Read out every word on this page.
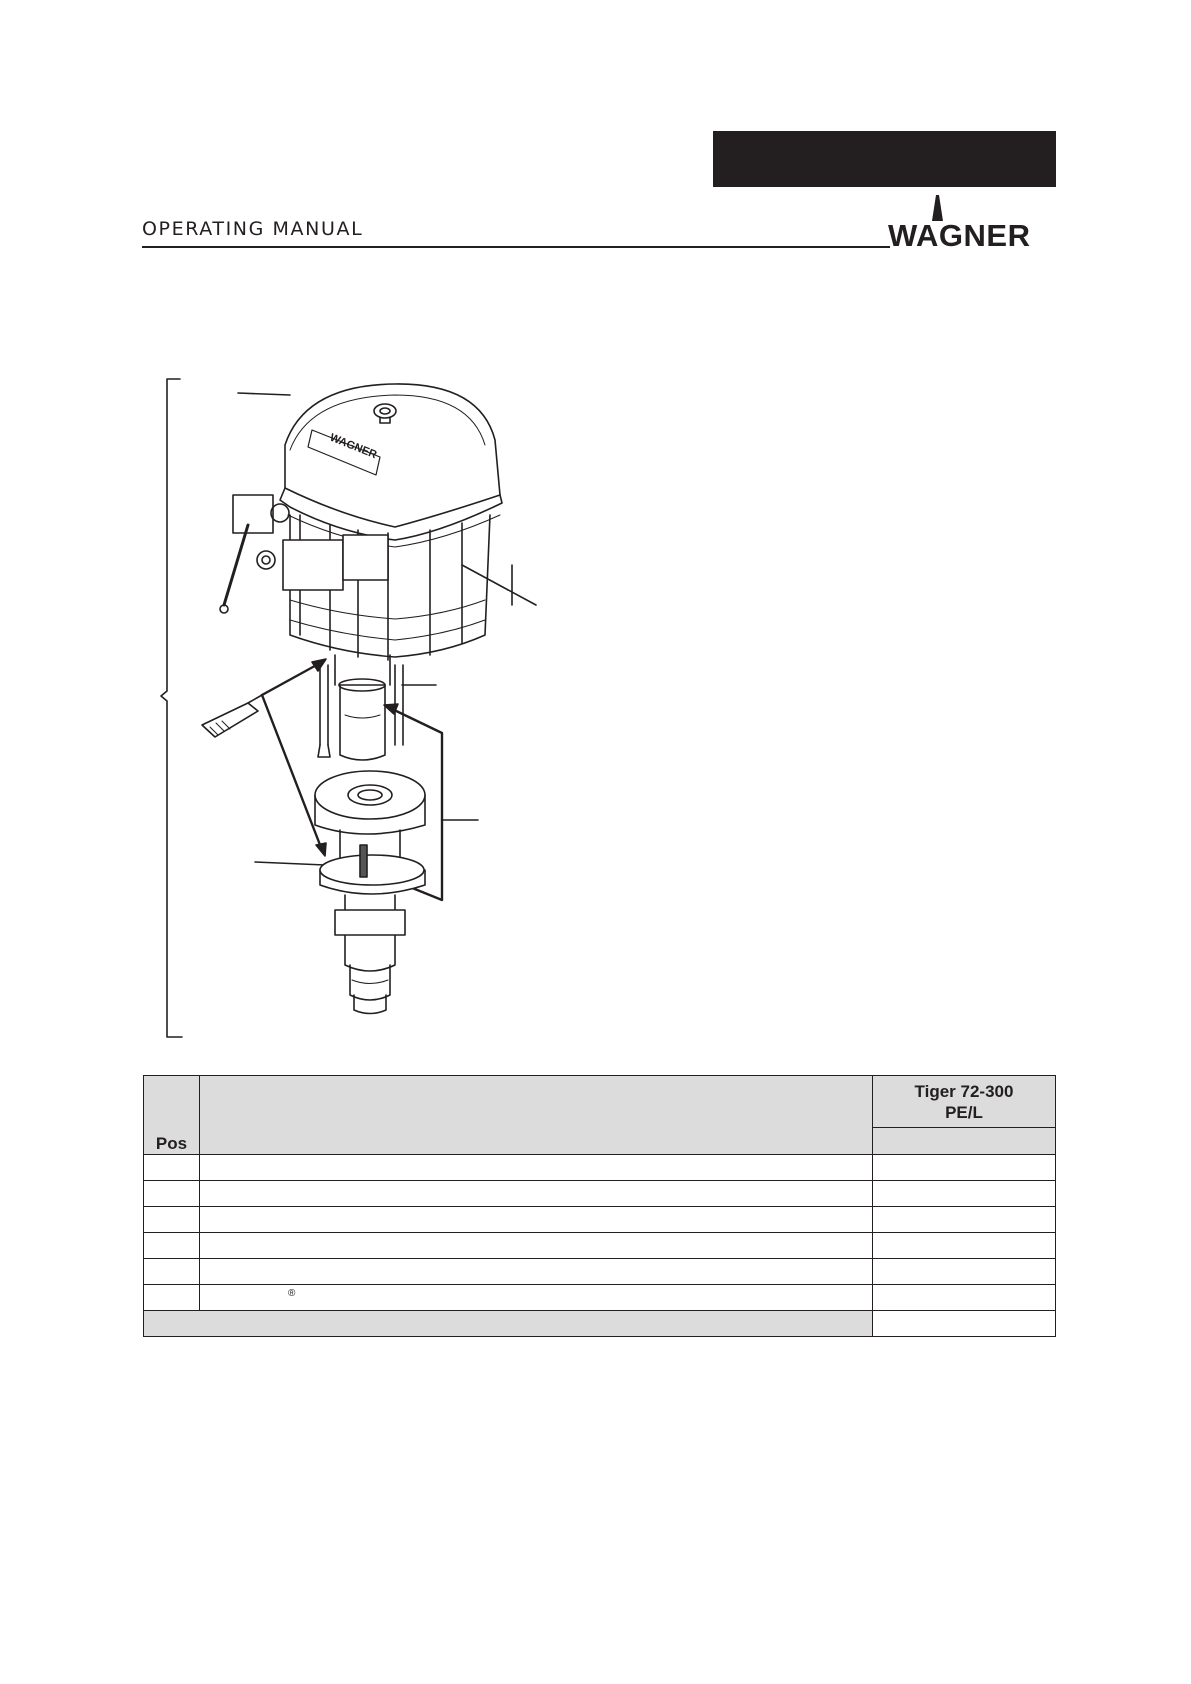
OPERATING MANUAL	WAGNER
WAGNER
Pos		Tiger 72-300
PE/L

	®	
